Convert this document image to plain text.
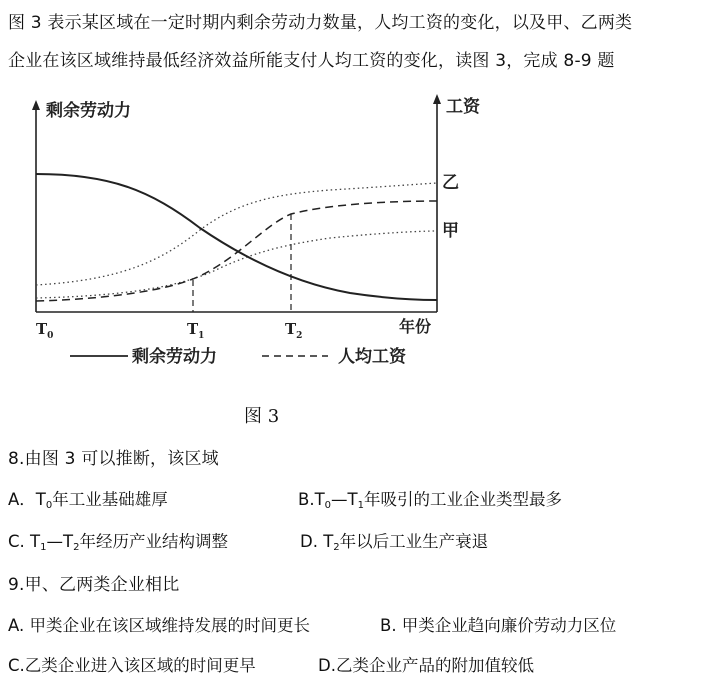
图 3 表示某区域在一定时期内剩余劳动力数量，人均工资的变化，以及甲、乙两类
企业在该区域维持最低经济效益所能支付人均工资的变化，读图 3，完成 8-9 题
剩余劳动力	工资
年份
$T_0$	$T_1$	$T_2$
乙
甲
剩余劳动力	人均工资
图 3
8.由图 3 可以推断，该区域
A．$T_0$年工业基础雄厚	$B.T_0—T_1$年吸引的工业企业类型最多
C. $T_1—T_2$年经历产业结构调整	D. $T_2$年以后工业生产衰退
9.甲、乙两类企业相比
A. 甲类企业在该区域维持发展的时间更长	B. 甲类企业趋向廉价劳动力区位
C.乙类企业进入该区域的时间更早	D.乙类企业产品的附加值较低
